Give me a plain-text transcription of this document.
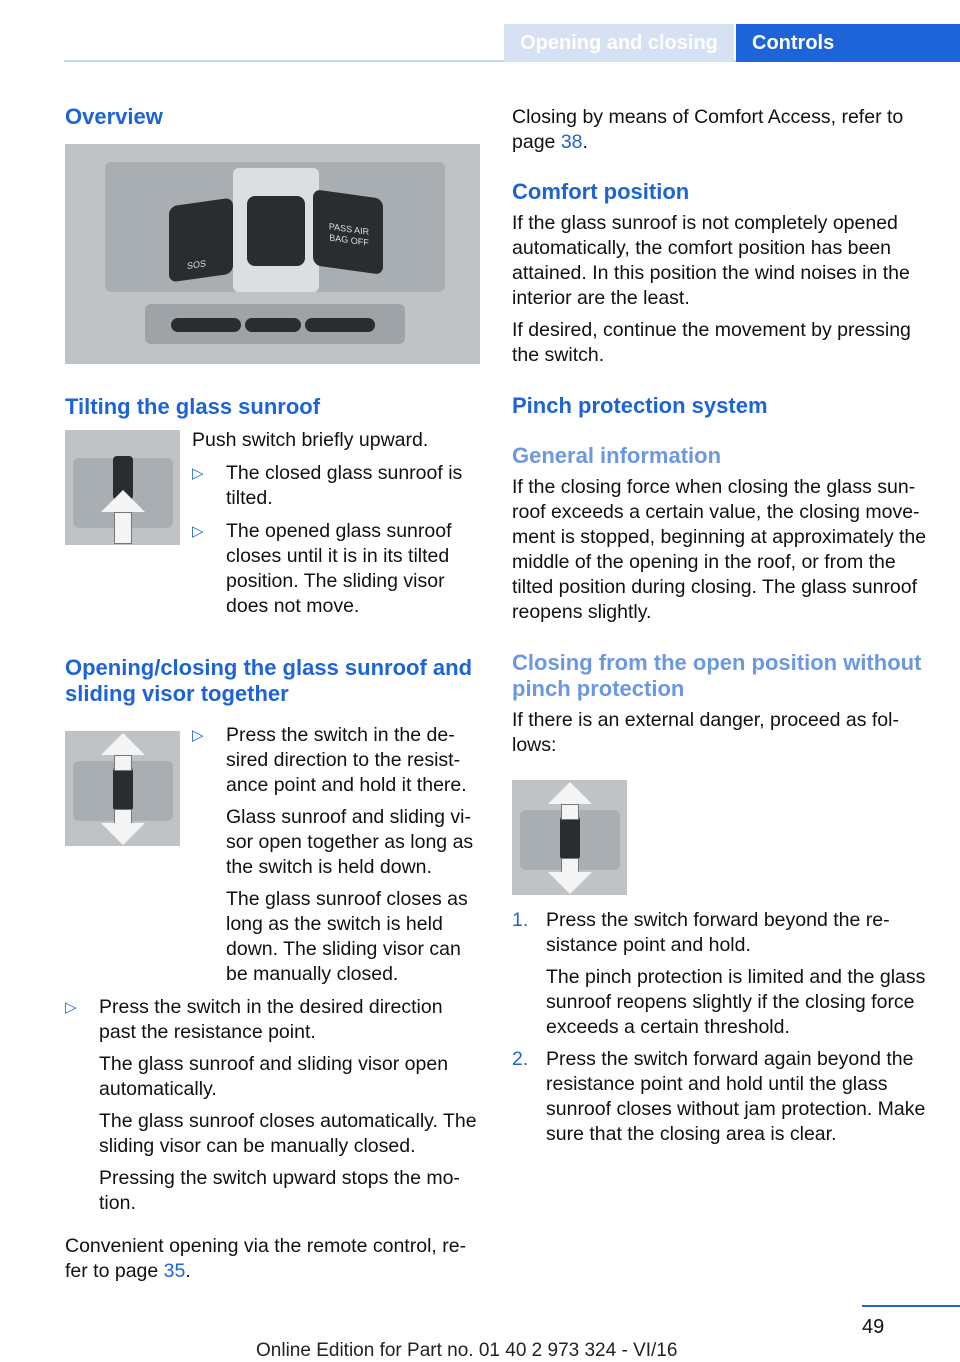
Opening and closing	Controls
Overview
SOS
PASS AIR BAG OFF
Tilting the glass sunroof

Push switch briefly upward.

▷	The closed glass sunroof is tilted.
▷	The opened glass sunroof closes until it is in its tilted position. The sliding visor does not move.
Opening/closing the glass sunroof and sliding visor together
▷	Press the switch in the de-sired direction to the resist-ance point and hold it there.

Glass sunroof and sliding vi-sor open together as long as the switch is held down.

The glass sunroof closes as long as the switch is held down. The sliding visor can be manually closed.

▷	Press the switch in the desired direction past the resistance point.

The glass sunroof and sliding visor open automatically.

The glass sunroof closes automatically. The sliding visor can be manually closed.

Pressing the switch upward stops the mo-tion.

Convenient opening via the remote control, re-fer to page 35.

Closing by means of Comfort Access, refer to page 38.

Comfort position

If the glass sunroof is not completely opened automatically, the comfort position has been attained. In this position the wind noises in the interior are the least.

If desired, continue the movement by pressing the switch.

Pinch protection system
General information

If the closing force when closing the glass sun-roof exceeds a certain value, the closing move-ment is stopped, beginning at approximately the middle of the opening in the roof, or from the tilted position during closing. The glass sunroof reopens slightly.

Closing from the open position without pinch protection

If there is an external danger, proceed as fol-lows:

1. Press the switch forward beyond the re-sistance point and hold.

The pinch protection is limited and the glass sunroof reopens slightly if the closing force exceeds a certain threshold.

2. Press the switch forward again beyond the resistance point and hold until the glass sunroof closes without jam protection. Make sure that the closing area is clear.

49
Online Edition for Part no. 01 40 2 973 324 - VI/16
